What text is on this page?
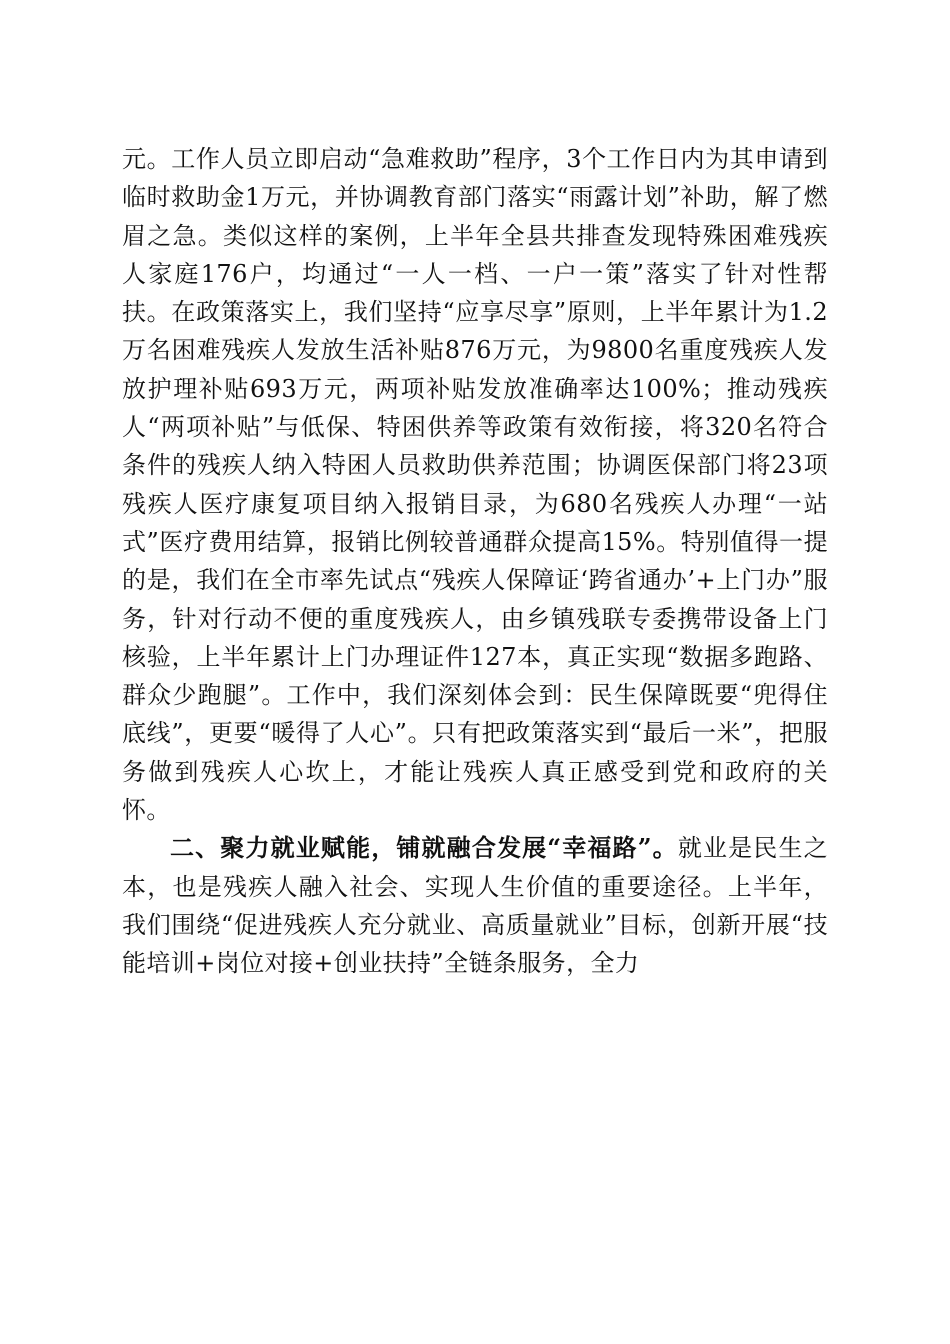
元。工作人员立即启动“急难救助”程序，3个工作日内为其申请到临时救助金1万元，并协调教育部门落实“雨露计划”补助，解了燃眉之急。类似这样的案例，上半年全县共排查发现特殊困难残疾人家庭176户，均通过“一人一档、一户一策”落实了针对性帮扶。在政策落实上，我们坚持“应享尽享”原则，上半年累计为1.2万名困难残疾人发放生活补贴876万元，为9800名重度残疾人发放护理补贴693万元，两项补贴发放准确率达100%；推动残疾人“两项补贴”与低保、特困供养等政策有效衔接，将320名符合条件的残疾人纳入特困人员救助供养范围；协调医保部门将23项残疾人医疗康复项目纳入报销目录，为680名残疾人办理“一站式”医疗费用结算，报销比例较普通群众提高15%。特别值得一提的是，我们在全市率先试点“残疾人保障证‘跨省通办’+上门办”服务，针对行动不便的重度残疾人，由乡镇残联专委携带设备上门核验，上半年累计上门办理证件127本，真正实现“数据多跑路、群众少跑腿”。工作中，我们深刻体会到：民生保障既要“兜得住底线”，更要“暖得了人心”。只有把政策落实到“最后一米”，把服务做到残疾人心坎上，才能让残疾人真正感受到党和政府的关怀。

二、聚力就业赋能，铺就融合发展“幸福路”。就业是民生之本，也是残疾人融入社会、实现人生价值的重要途径。上半年，我们围绕“促进残疾人充分就业、高质量就业”目标，创新开展“技能培训+岗位对接+创业扶持”全链条服务，全力
